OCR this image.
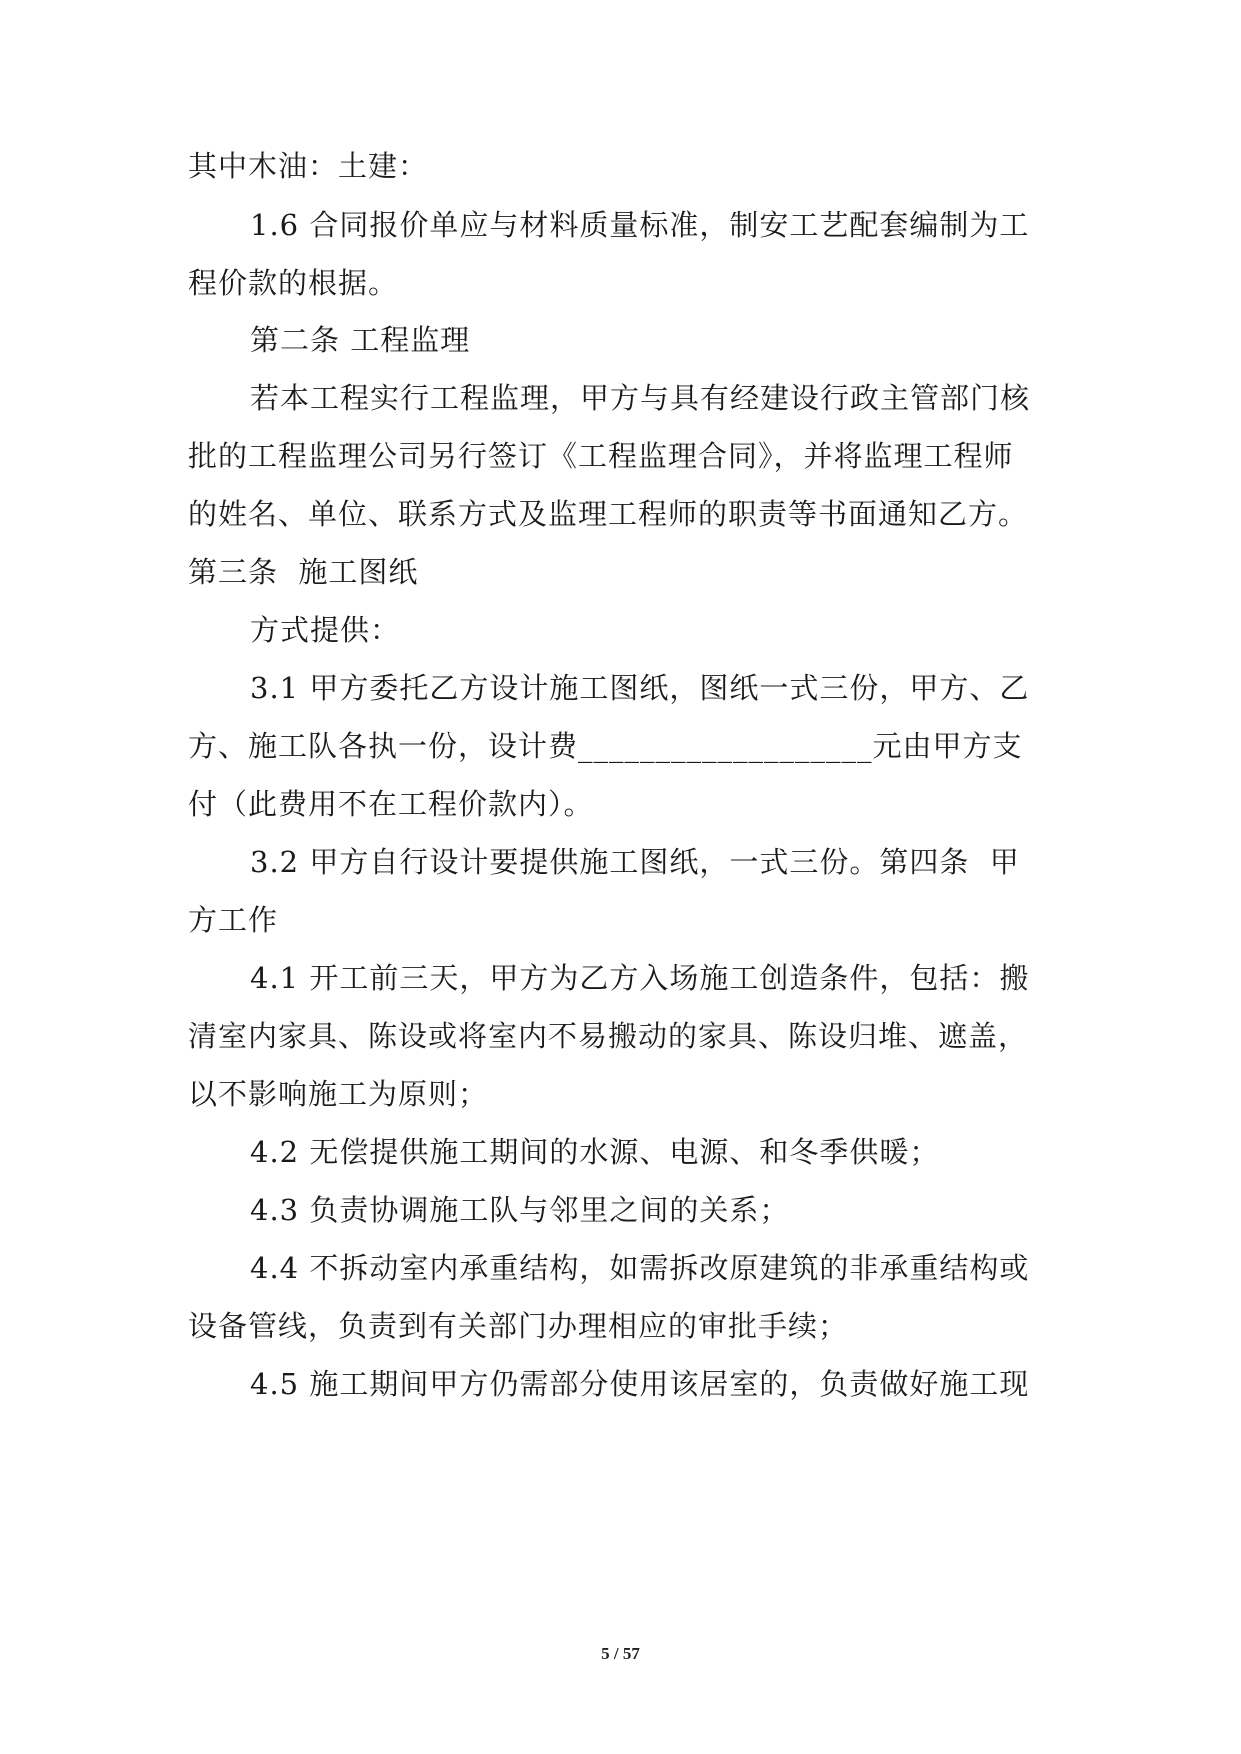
其中木油：土建：
1.6 合同报价单应与材料质量标准，制安工艺配套编制为工
程价款的根据。
第二条 工程监理
若本工程实行工程监理，甲方与具有经建设行政主管部门核
批的工程监理公司另行签订《工程监理合同》，并将监理工程师
的姓名、单位、联系方式及监理工程师的职责等书面通知乙方。
第三条  施工图纸
方式提供：
3.1 甲方委托乙方设计施工图纸，图纸一式三份，甲方、乙
方、施工队各执一份，设计费___________________元由甲方支
付（此费用不在工程价款内）。
3.2 甲方自行设计要提供施工图纸，一式三份。第四条  甲
方工作
4.1 开工前三天，甲方为乙方入场施工创造条件，包括：搬
清室内家具、陈设或将室内不易搬动的家具、陈设归堆、遮盖，
以不影响施工为原则；
4.2 无偿提供施工期间的水源、电源、和冬季供暖；
4.3 负责协调施工队与邻里之间的关系；
4.4 不拆动室内承重结构，如需拆改原建筑的非承重结构或
设备管线，负责到有关部门办理相应的审批手续；
4.5 施工期间甲方仍需部分使用该居室的，负责做好施工现
5 / 57
